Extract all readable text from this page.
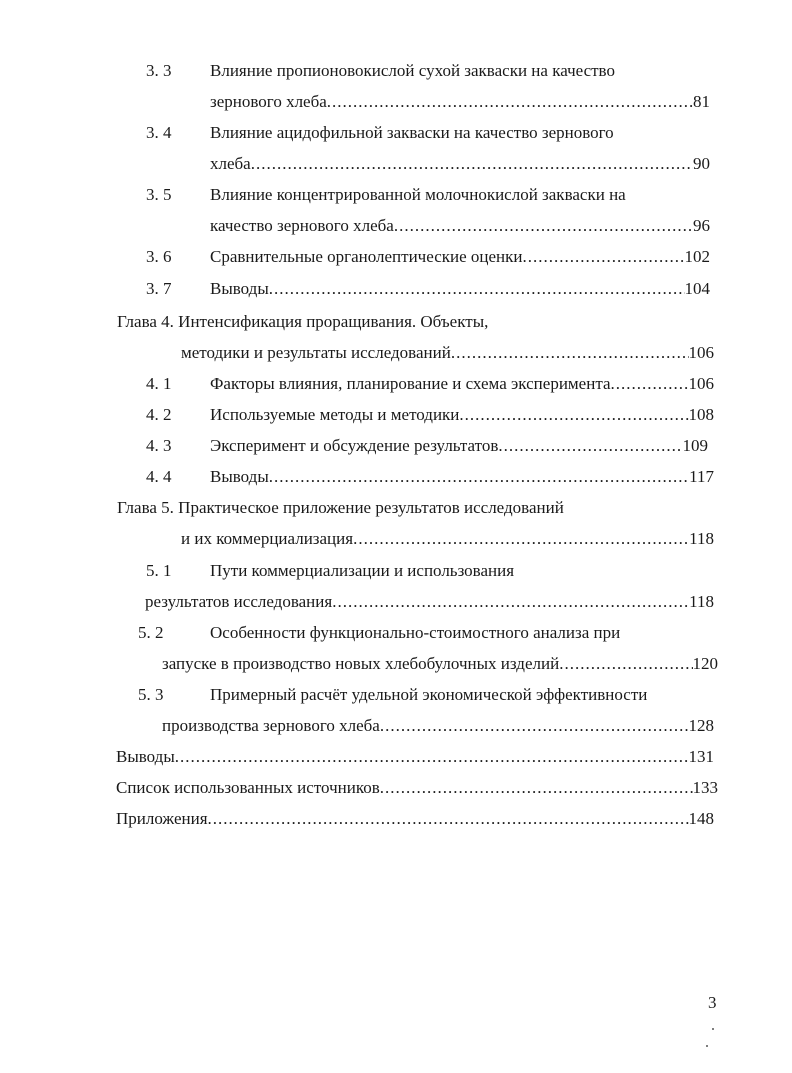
3. 3 Влияние пропионовокислой сухой закваски на качество
зернового хлеба .....	81
3. 4 Влияние ацидофильной закваски на качество зернового
хлеба .....	90
3. 5 Влияние концентрированной молочнокислой закваски на
качество зернового хлеба .....	96
3. 6 Сравнительные органолептические оценки .....	102
3. 7 Выводы .....	104
Глава 4. Интенсификация проращивания. Объекты,
методики и результаты исследований .....	106
4. 1 Факторы влияния, планирование и схема эксперимента .....	106
4. 2 Используемые методы и методики .....	108
4. 3 Эксперимент и обсуждение результатов .....	109
4. 4 Выводы .....	117
Глава 5. Практическое приложение результатов исследований
и их коммерциализация .....	118
5. 1 Пути коммерциализации и использования
результатов исследования .....	118
5. 2	Особенности функционально-стоимостного анализа при
запуске в производство новых хлебобулочных изделий .....	120
5. 3	Примерный расчёт удельной экономической эффективности
производства зернового хлеба .....	128
Выводы .....	131
Список использованных источников .....	133
Приложения .....	148
3
